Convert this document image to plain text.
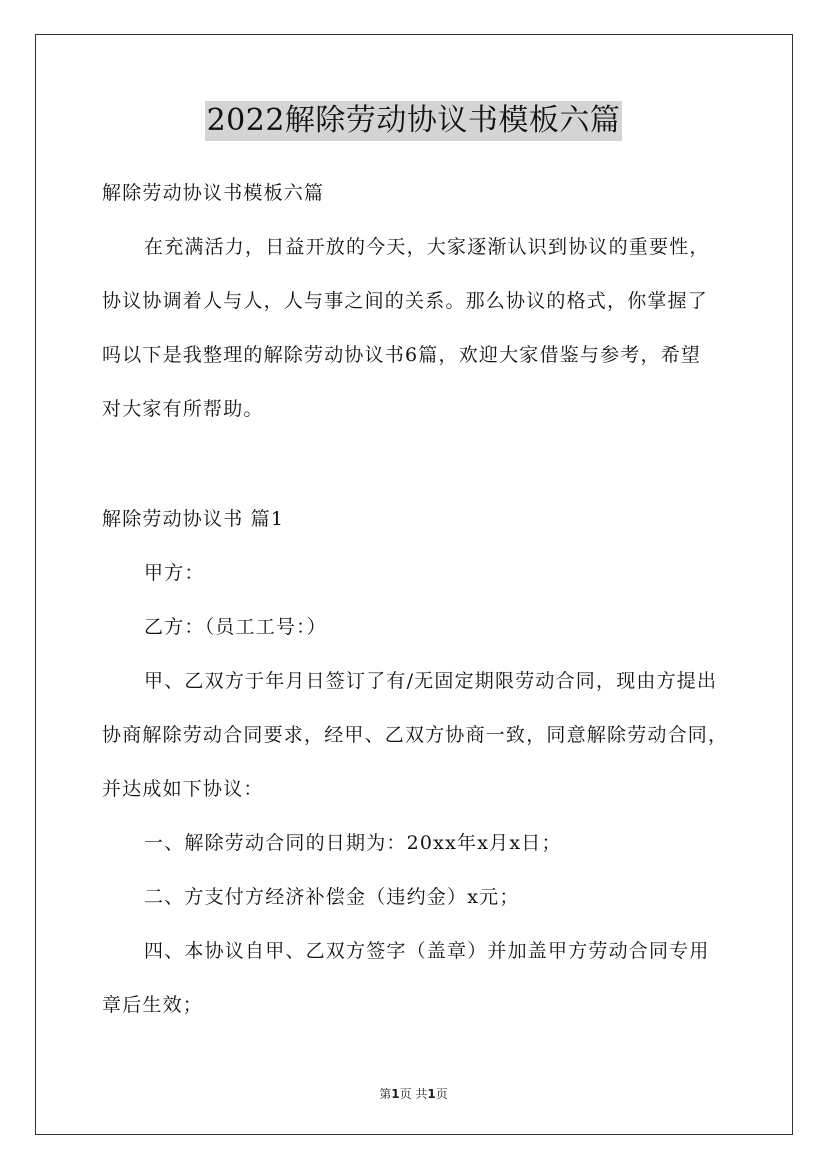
2022解除劳动协议书模板六篇
解除劳动协议书模板六篇
在充满活力，日益开放的今天，大家逐渐认识到协议的重要性，
协议协调着人与人，人与事之间的关系。那么协议的格式，你掌握了
吗以下是我整理的解除劳动协议书6篇，欢迎大家借鉴与参考，希望
对大家有所帮助。
解除劳动协议书 篇1
甲方：
乙方：（员工工号：）
甲、乙双方于年月日签订了有/无固定期限劳动合同，现由方提出
协商解除劳动合同要求，经甲、乙双方协商一致，同意解除劳动合同，
并达成如下协议：
一、解除劳动合同的日期为：20xx年x月x日；
二、方支付方经济补偿金（违约金）x元；
四、本协议自甲、乙双方签字（盖章）并加盖甲方劳动合同专用
章后生效；
第1页 共1页
